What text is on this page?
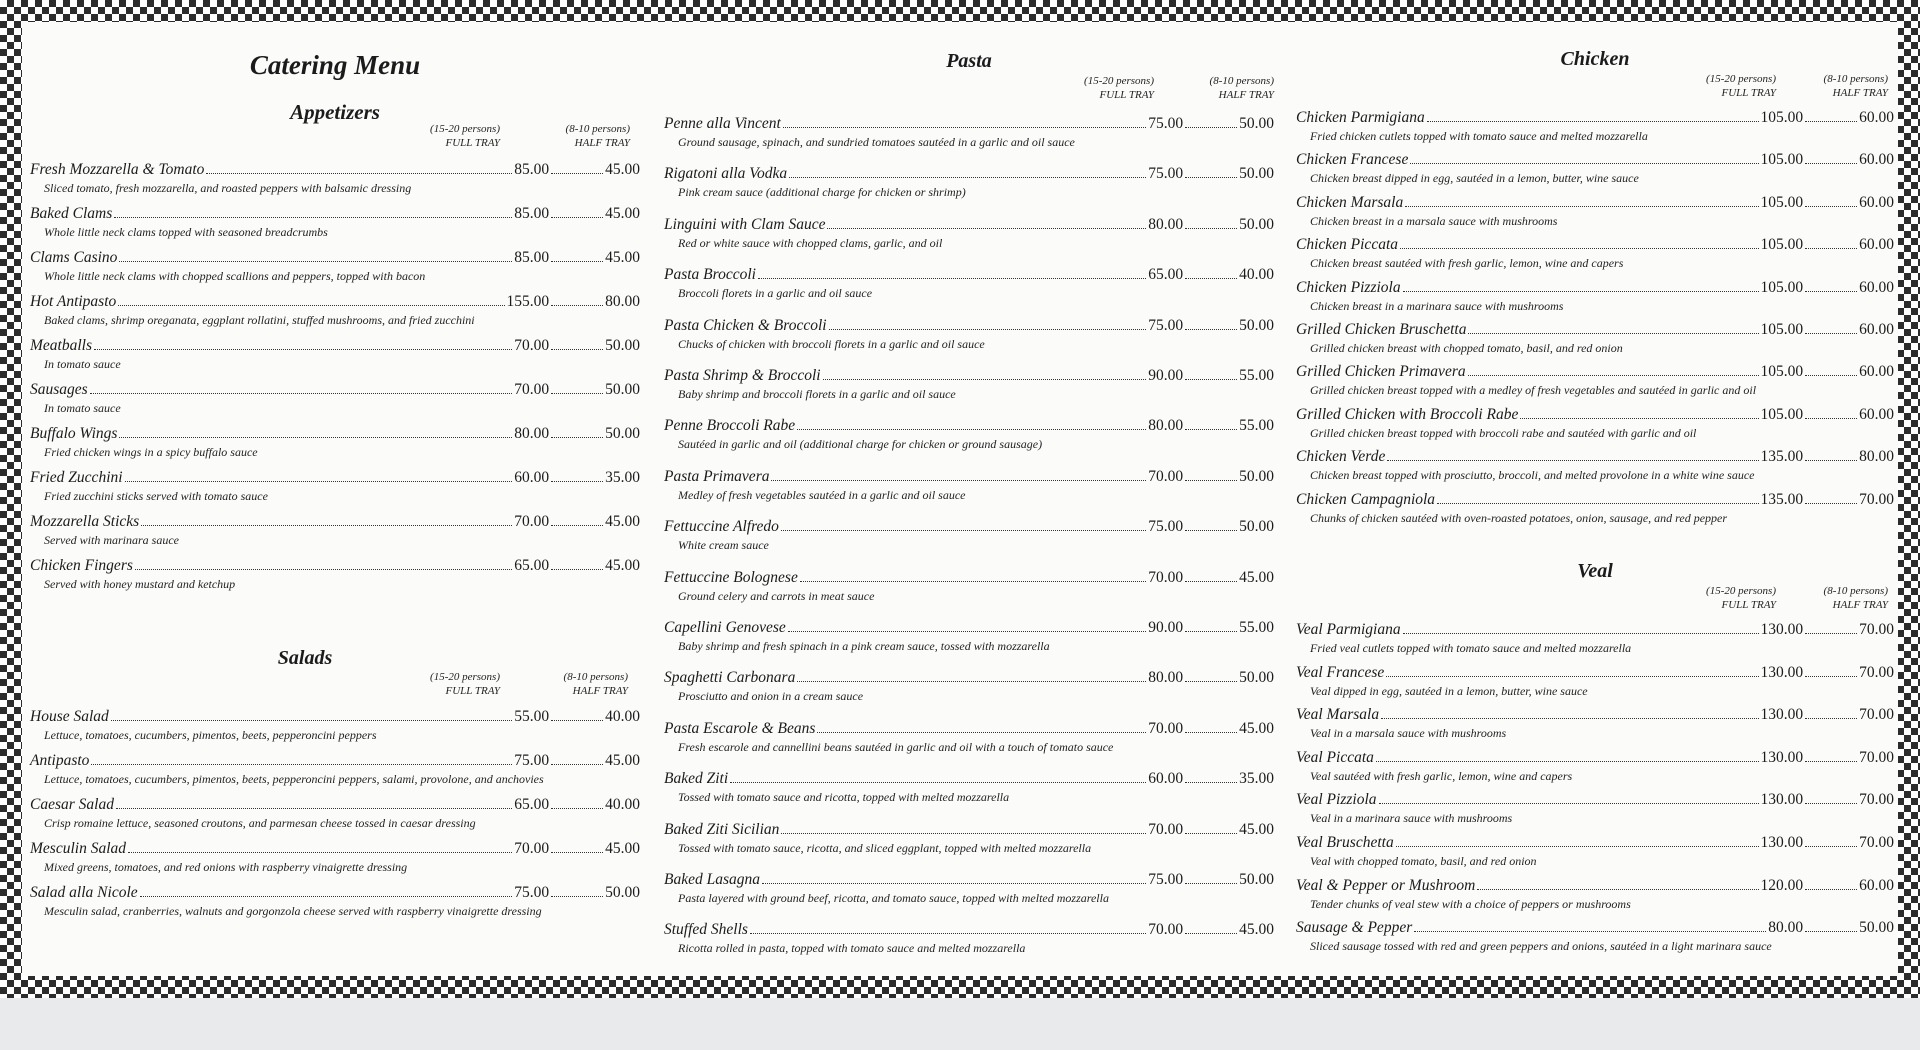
Catering Menu
Appetizers
(15-20 persons)
FULL TRAY
(8-10 persons)
HALF TRAY
Fresh Mozzarella & Tomato	85.00	45.00
Sliced tomato, fresh mozzarella, and roasted peppers with balsamic dressing
Baked Clams	85.00	45.00
Whole little neck clams topped with seasoned breadcrumbs
Clams Casino	85.00	45.00
Whole little neck clams with chopped scallions and peppers, topped with bacon
Hot Antipasto	155.00	80.00
Baked clams, shrimp oreganata, eggplant rollatini, stuffed mushrooms, and fried zucchini
Meatballs	70.00	50.00
In tomato sauce
Sausages	70.00	50.00
In tomato sauce
Buffalo Wings	80.00	50.00
Fried chicken wings in a spicy buffalo sauce
Fried Zucchini	60.00	35.00
Fried zucchini sticks served with tomato sauce
Mozzarella Sticks	70.00	45.00
Served with marinara sauce
Chicken Fingers	65.00	45.00
Served with honey mustard and ketchup
Salads
(15-20 persons)
FULL TRAY
(8-10 persons)
HALF TRAY
House Salad	55.00	40.00
Lettuce, tomatoes, cucumbers, pimentos, beets, pepperoncini peppers
Antipasto	75.00	45.00
Lettuce, tomatoes, cucumbers, pimentos, beets, pepperoncini peppers, salami, provolone, and anchovies
Caesar Salad	65.00	40.00
Crisp romaine lettuce, seasoned croutons, and parmesan cheese tossed in caesar dressing
Mesculin Salad	70.00	45.00
Mixed greens, tomatoes, and red onions with raspberry vinaigrette dressing
Salad alla Nicole	75.00	50.00
Mesculin salad, cranberries, walnuts and gorgonzola cheese served with raspberry vinaigrette dressing
Pasta
(15-20 persons)
FULL TRAY
(8-10 persons)
HALF TRAY
Penne alla Vincent	75.00	50.00
Ground sausage, spinach, and sundried tomatoes sautéed in a garlic and oil sauce
Rigatoni alla Vodka	75.00	50.00
Pink cream sauce (additional charge for chicken or shrimp)
Linguini with Clam Sauce	80.00	50.00
Red or white sauce with chopped clams, garlic, and oil
Pasta Broccoli	65.00	40.00
Broccoli florets in a garlic and oil sauce
Pasta Chicken & Broccoli	75.00	50.00
Chucks of chicken with broccoli florets in a garlic and oil sauce
Pasta Shrimp & Broccoli	90.00	55.00
Baby shrimp and broccoli florets in a garlic and oil sauce
Penne Broccoli Rabe	80.00	55.00
Sautéed in garlic and oil (additional charge for chicken or ground sausage)
Pasta Primavera	70.00	50.00
Medley of fresh vegetables sautéed in a garlic and oil sauce
Fettuccine Alfredo	75.00	50.00
White cream sauce
Fettuccine Bolognese	70.00	45.00
Ground celery and carrots in meat sauce
Capellini Genovese	90.00	55.00
Baby shrimp and fresh spinach in a pink cream sauce, tossed with mozzarella
Spaghetti Carbonara	80.00	50.00
Prosciutto and onion in a cream sauce
Pasta Escarole & Beans	70.00	45.00
Fresh escarole and cannellini beans sautéed in garlic and oil with a touch of tomato sauce
Baked Ziti	60.00	35.00
Tossed with tomato sauce and ricotta, topped with melted mozzarella
Baked Ziti Sicilian	70.00	45.00
Tossed with tomato sauce, ricotta, and sliced eggplant, topped with melted mozzarella
Baked Lasagna	75.00	50.00
Pasta layered with ground beef, ricotta, and tomato sauce, topped with melted mozzarella
Stuffed Shells	70.00	45.00
Ricotta rolled in pasta, topped with tomato sauce and melted mozzarella
Chicken
(15-20 persons)
FULL TRAY
(8-10 persons)
HALF TRAY
Chicken Parmigiana	105.00	60.00
Fried chicken cutlets topped with tomato sauce and melted mozzarella
Chicken Francese	105.00	60.00
Chicken breast dipped in egg, sautéed in a lemon, butter, wine sauce
Chicken Marsala	105.00	60.00
Chicken breast in a marsala sauce with mushrooms
Chicken Piccata	105.00	60.00
Chicken breast sautéed with fresh garlic, lemon, wine and capers
Chicken Pizziola	105.00	60.00
Chicken breast in a marinara sauce with mushrooms
Grilled Chicken Bruschetta	105.00	60.00
Grilled chicken breast with chopped tomato, basil, and red onion
Grilled Chicken Primavera	105.00	60.00
Grilled chicken breast topped with a medley of fresh vegetables and sautéed in garlic and oil
Grilled Chicken with Broccoli Rabe	105.00	60.00
Grilled chicken breast topped with broccoli rabe and sautéed with garlic and oil
Chicken Verde	135.00	80.00
Chicken breast topped with prosciutto, broccoli, and melted provolone in a white wine sauce
Chicken Campagniola	135.00	70.00
Chunks of chicken sautéed with oven-roasted potatoes, onion, sausage, and red pepper
Veal
(15-20 persons)
FULL TRAY
(8-10 persons)
HALF TRAY
Veal Parmigiana	130.00	70.00
Fried veal cutlets topped with tomato sauce and melted mozzarella
Veal Francese	130.00	70.00
Veal dipped in egg, sautéed in a lemon, butter, wine sauce
Veal Marsala	130.00	70.00
Veal in a marsala sauce with mushrooms
Veal Piccata	130.00	70.00
Veal sautéed with fresh garlic, lemon, wine and capers
Veal Pizziola	130.00	70.00
Veal in a marinara sauce with mushrooms
Veal Bruschetta	130.00	70.00
Veal with chopped tomato, basil, and red onion
Veal & Pepper or Mushroom	120.00	60.00
Tender chunks of veal stew with a choice of peppers or mushrooms
Sausage & Pepper	80.00	50.00
Sliced sausage tossed with red and green peppers and onions, sautéed in a light marinara sauce
